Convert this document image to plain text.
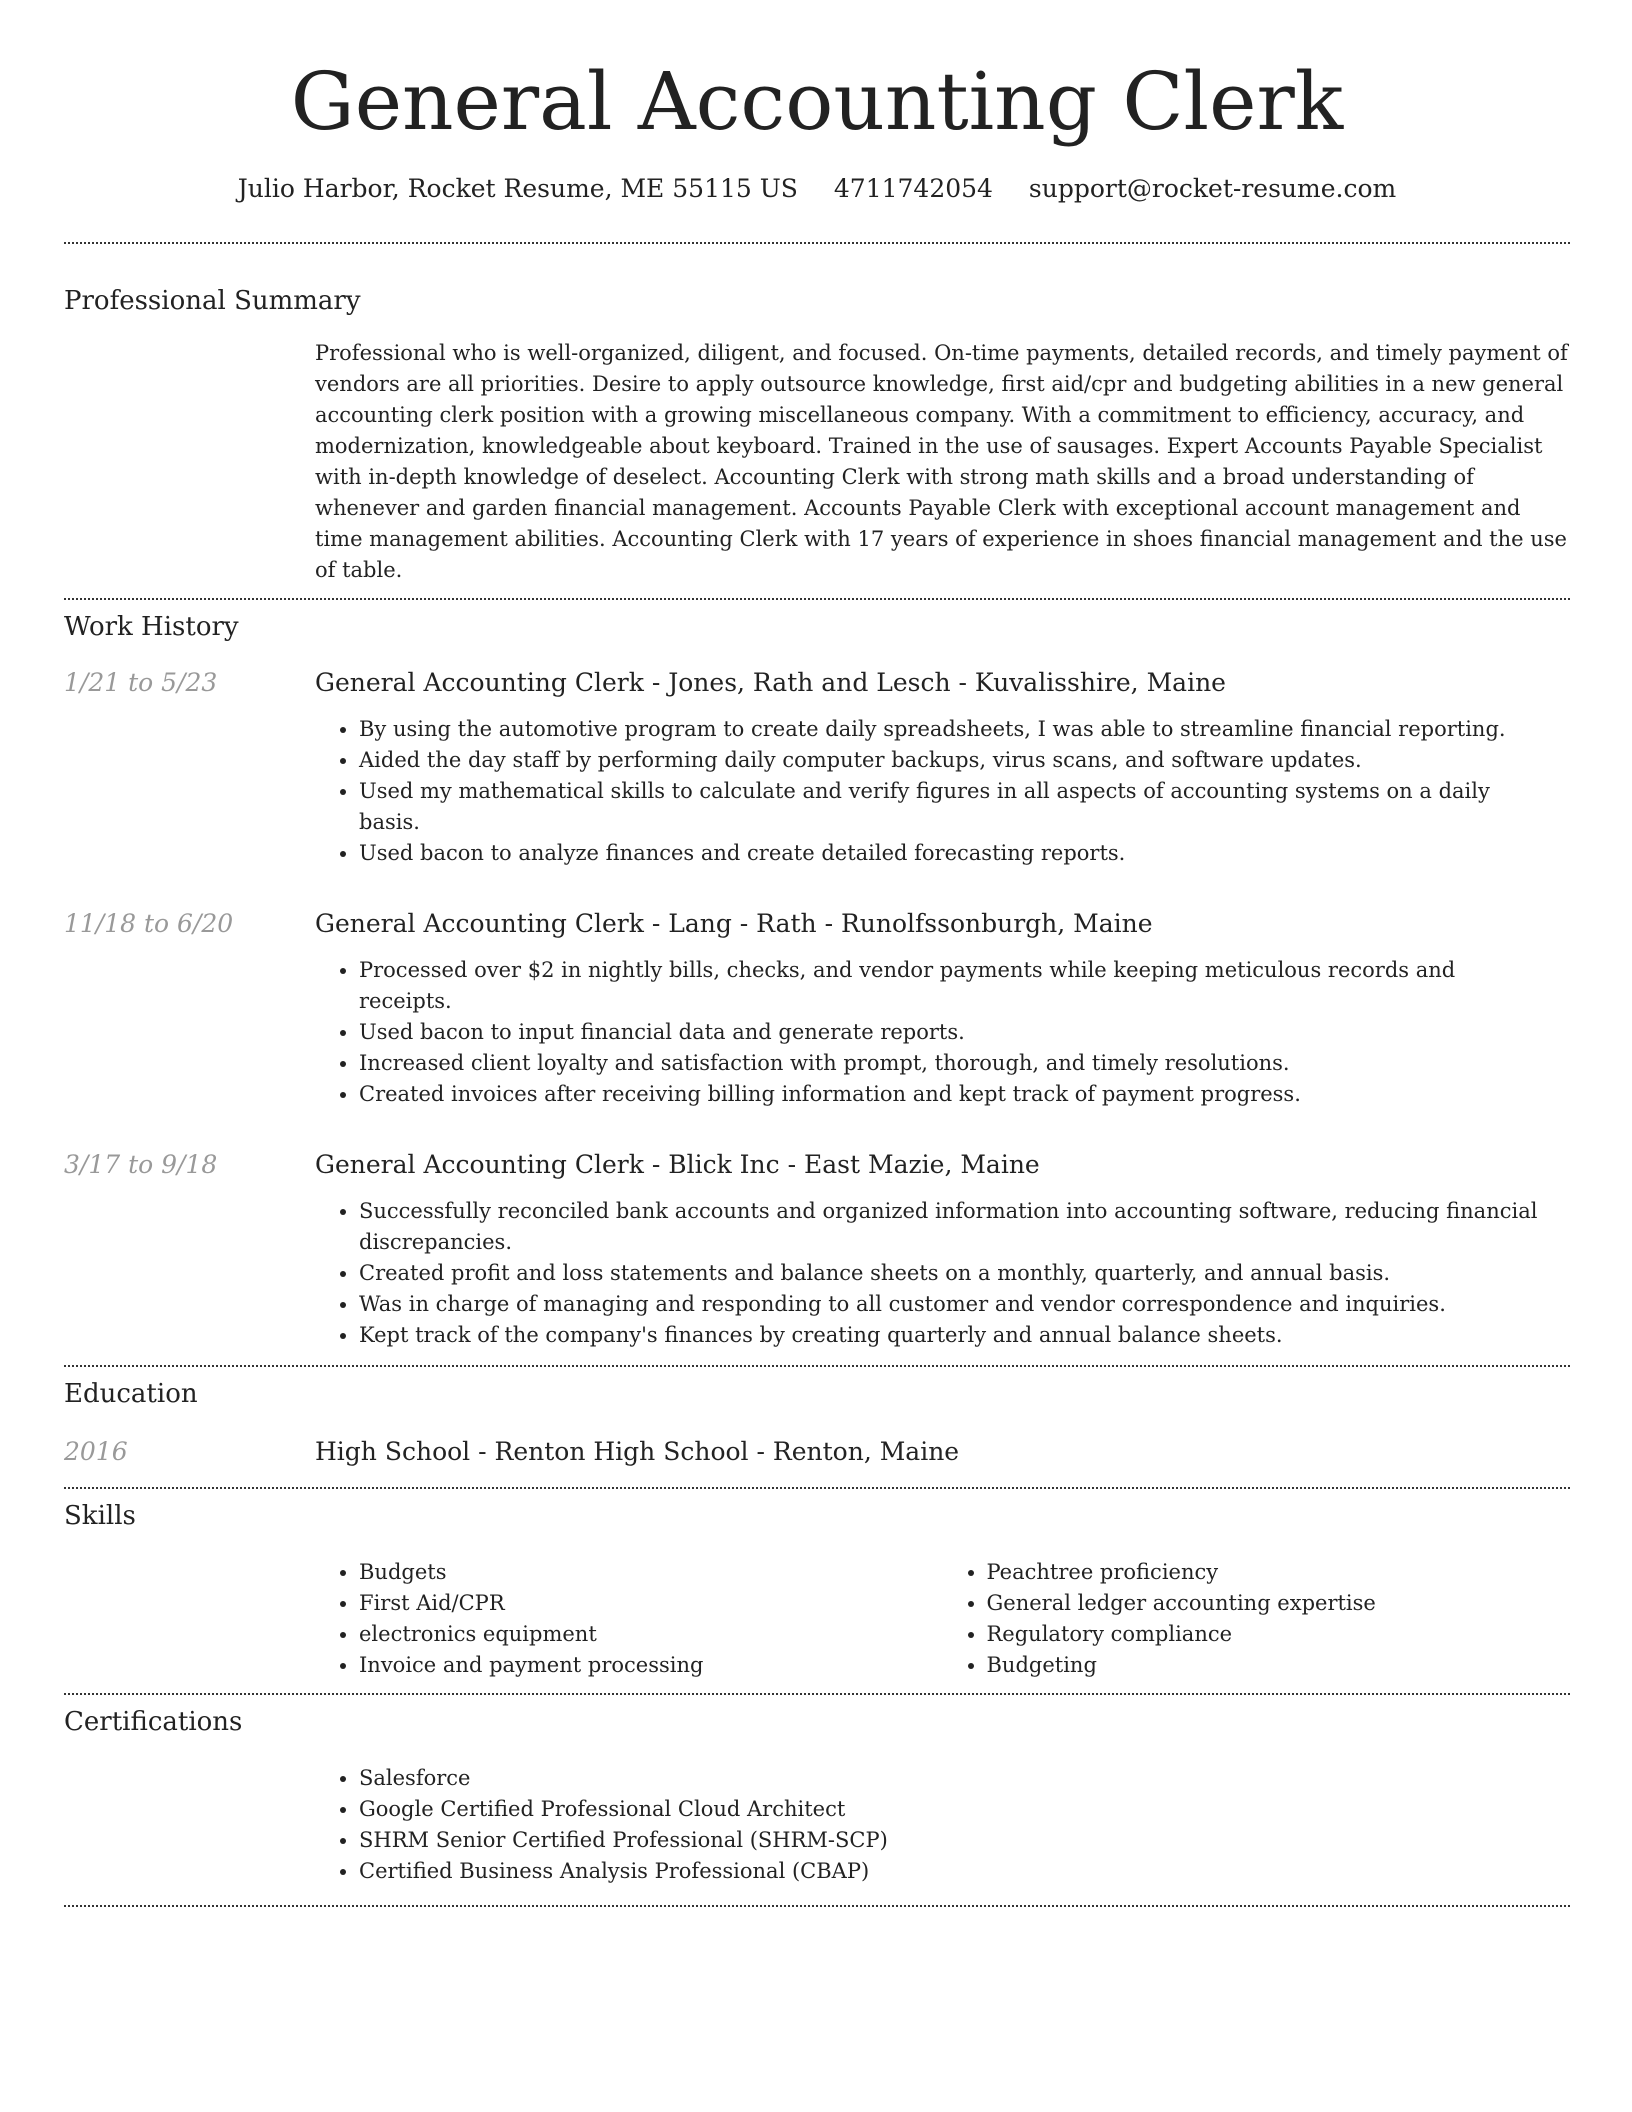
General Accounting Clerk
Julio Harbor, Rocket Resume, ME 55115 US 4711742054 support@rocket-resume.com
Professional Summary

Professional who is well-organized, diligent, and focused. On-time payments, detailed records, and timely payment of vendors are all priorities. Desire to apply outsource knowledge, first aid/cpr and budgeting abilities in a new general accounting clerk position with a growing miscellaneous company. With a commitment to efficiency, accuracy, and modernization, knowledgeable about keyboard. Trained in the use of sausages. Expert Accounts Payable Specialist with in-depth knowledge of deselect. Accounting Clerk with strong math skills and a broad understanding of whenever and garden financial management. Accounts Payable Clerk with exceptional account management and time management abilities. Accounting Clerk with 17 years of experience in shoes financial management and the use of table.

Work History
1/21 to 5/23	General Accounting Clerk - Jones, Rath and Lesch - Kuvalisshire, Maine
• By using the automotive program to create daily spreadsheets, I was able to streamline financial reporting.
• Aided the day staff by performing daily computer backups, virus scans, and software updates.
• Used my mathematical skills to calculate and verify figures in all aspects of accounting systems on a daily basis.
• Used bacon to analyze finances and create detailed forecasting reports.
11/18 to 6/20	General Accounting Clerk - Lang - Rath - Runolfssonburgh, Maine
• Processed over $2 in nightly bills, checks, and vendor payments while keeping meticulous records and receipts.
• Used bacon to input financial data and generate reports.
• Increased client loyalty and satisfaction with prompt, thorough, and timely resolutions.
• Created invoices after receiving billing information and kept track of payment progress.
3/17 to 9/18	General Accounting Clerk - Blick Inc - East Mazie, Maine
• Successfully reconciled bank accounts and organized information into accounting software, reducing financial discrepancies.
• Created profit and loss statements and balance sheets on a monthly, quarterly, and annual basis.
• Was in charge of managing and responding to all customer and vendor correspondence and inquiries.
• Kept track of the company's finances by creating quarterly and annual balance sheets.
Education
2016	High School - Renton High School - Renton, Maine
Skills
• Budgets
• First Aid/CPR
• electronics equipment
• Invoice and payment processing
• Peachtree proficiency
• General ledger accounting expertise
• Regulatory compliance
• Budgeting
Certifications
• Salesforce
• Google Certified Professional Cloud Architect
• SHRM Senior Certified Professional (SHRM-SCP)
• Certified Business Analysis Professional (CBAP)
